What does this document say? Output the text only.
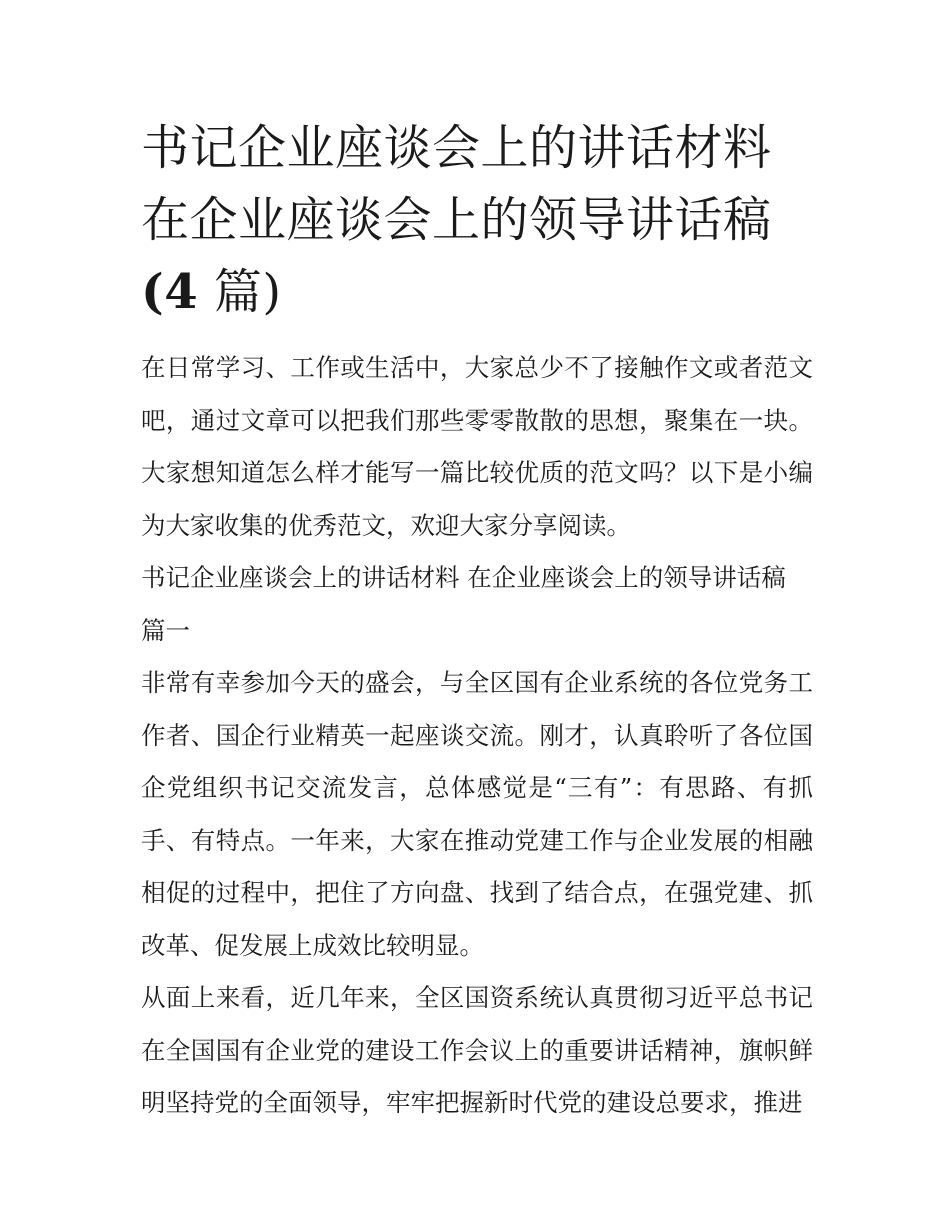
书记企业座谈会上的讲话材料
在企业座谈会上的领导讲话稿
(4 篇)

在日常学习、工作或生活中，大家总少不了接触作文或者范文吧，通过文章可以把我们那些零零散散的思想，聚集在一块。大家想知道怎么样才能写一篇比较优质的范文吗？以下是小编为大家收集的优秀范文，欢迎大家分享阅读。

书记企业座谈会上的讲话材料 在企业座谈会上的领导讲话稿
篇一

非常有幸参加今天的盛会，与全区国有企业系统的各位党务工作者、国企行业精英一起座谈交流。刚才，认真聆听了各位国企党组织书记交流发言，总体感觉是“三有”：有思路、有抓手、有特点。一年来，大家在推动党建工作与企业发展的相融相促的过程中，把住了方向盘、找到了结合点，在强党建、抓改革、促发展上成效比较明显。

从面上来看，近几年来，全区国资系统认真贯彻习近平总书记在全国国有企业党的建设工作会议上的重要讲话精神，旗帜鲜明坚持党的全面领导，牢牢把握新时代党的建设总要求，推进
